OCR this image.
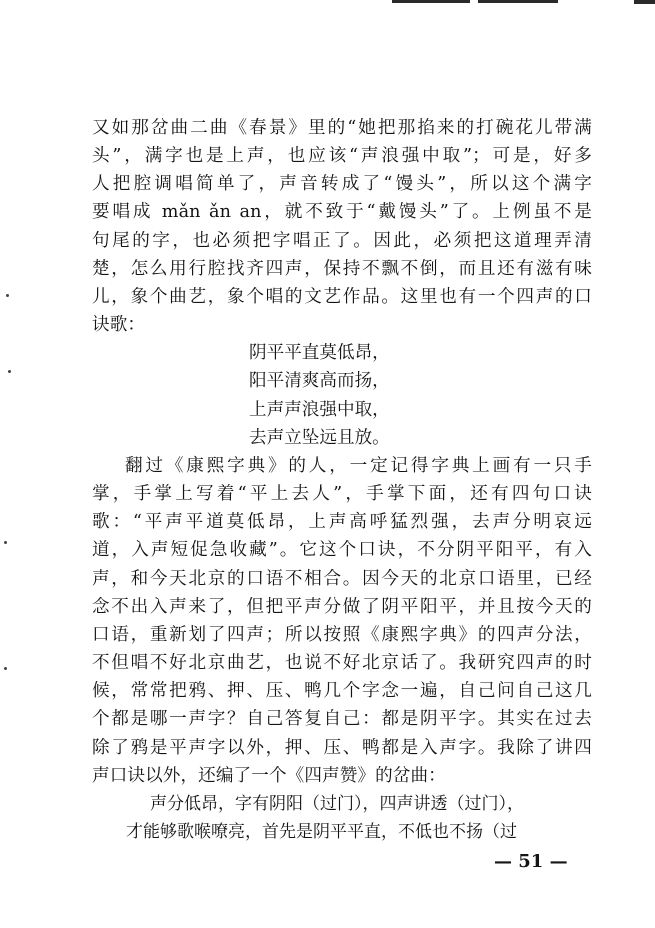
又如那岔曲二曲《春景》里的“她把那掐来的打碗花儿带满
头”，满字也是上声，也应该“声浪强中取”；可是，好多
人把腔调唱简单了，声音转成了“馒头”，所以这个满字
要唱成 mǎn ǎn an，就不致于“戴馒头”了。上例虽不是
句尾的字，也必须把字唱正了。因此，必须把这道理弄清
楚，怎么用行腔找齐四声，保持不飘不倒，而且还有滋有味
儿，象个曲艺，象个唱的文艺作品。这里也有一个四声的口
诀歌：
阴平平直莫低昂，
阳平清爽高而扬，
上声声浪强中取，
去声立坠远且放。
翻过《康熙字典》的人，一定记得字典上画有一只手
掌，手掌上写着“平上去人”，手掌下面，还有四句口诀
歌：“平声平道莫低昂，上声高呼猛烈强，去声分明哀远
道，入声短促急收藏”。它这个口诀，不分阴平阳平，有入
声，和今天北京的口语不相合。因今天的北京口语里，已经
念不出入声来了，但把平声分做了阴平阳平，并且按今天的
口语，重新划了四声；所以按照《康熙字典》的四声分法，
不但唱不好北京曲艺，也说不好北京话了。我研究四声的时
候，常常把鸦、押、压、鸭几个字念一遍，自己问自己这几
个都是哪一声字？自己答复自己：都是阴平字。其实在过去
除了鸦是平声字以外，押、压、鸭都是入声字。我除了讲四
声口诀以外，还编了一个《四声赞》的岔曲：
声分低昂，字有阴阳（过门），四声讲透（过门），
才能够歌喉嘹亮，首先是阴平平直，不低也不扬（过
— 51 —
